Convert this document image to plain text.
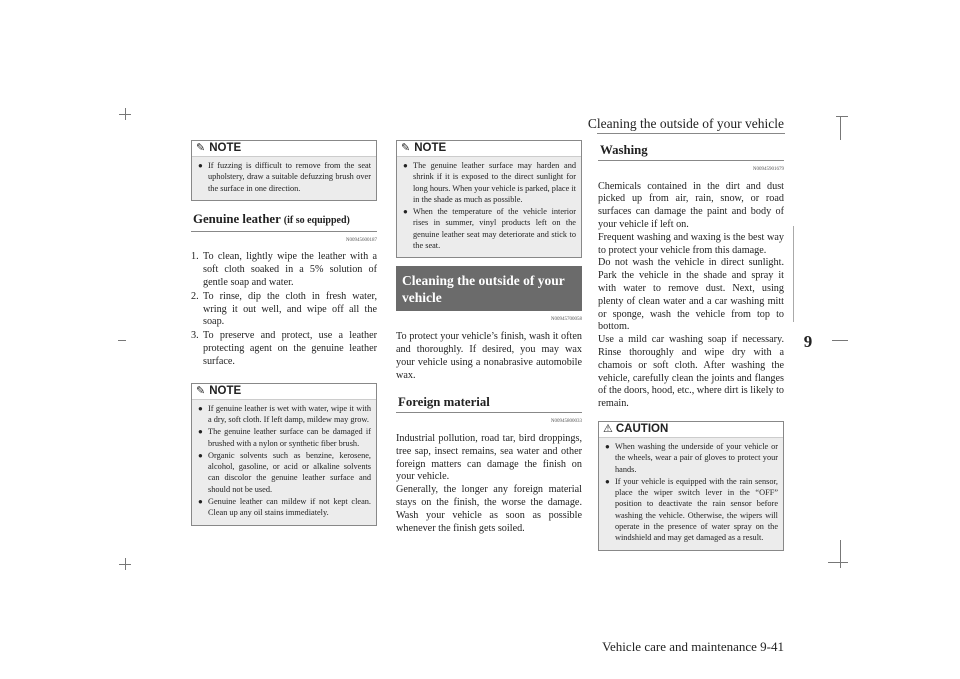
Cleaning the outside of your vehicle
9
Vehicle care and maintenance 9-41
✎ NOTE
● If fuzzing is difficult to remove from the seat upholstery, draw a suitable defuzzing brush over the surface in one direction.
Genuine leather (if so equipped)
N00945600187
1. To clean, lightly wipe the leather with a soft cloth soaked in a 5% solution of gentle soap and water.
2. To rinse, dip the cloth in fresh water, wring it out well, and wipe off all the soap.
3. To preserve and protect, use a leather protecting agent on the genuine leather surface.
✎ NOTE
● If genuine leather is wet with water, wipe it with a dry, soft cloth. If left damp, mildew may grow.
● The genuine leather surface can be damaged if brushed with a nylon or synthetic fiber brush.
● Organic solvents such as benzine, kerosene, alcohol, gasoline, or acid or alkaline solvents can discolor the genuine leather surface and should not be used.
● Genuine leather can mildew if not kept clean. Clean up any oil stains immediately.
✎ NOTE
● The genuine leather surface may harden and shrink if it is exposed to the direct sunlight for long hours. When your vehicle is parked, place it in the shade as much as possible.
● When the temperature of the vehicle interior rises in summer, vinyl products left on the genuine leather seat may deteriorate and stick to the seat.
Cleaning the outside of your vehicle
N00945700058
To protect your vehicle’s finish, wash it often and thoroughly. If desired, you may wax your vehicle using a nonabrasive automobile wax.
Foreign material
N00945800033
Industrial pollution, road tar, bird droppings, tree sap, insect remains, sea water and other foreign matters can damage the finish on your vehicle.
Generally, the longer any foreign material stays on the finish, the worse the damage. Wash your vehicle as soon as possible whenever the finish gets soiled.
Washing
N00945901679
Chemicals contained in the dirt and dust picked up from air, rain, snow, or road surfaces can damage the paint and body of your vehicle if left on.
Frequent washing and waxing is the best way to protect your vehicle from this damage.
Do not wash the vehicle in direct sunlight. Park the vehicle in the shade and spray it with water to remove dust. Next, using plenty of clean water and a car washing mitt or sponge, wash the vehicle from top to bottom.
Use a mild car washing soap if necessary. Rinse thoroughly and wipe dry with a chamois or soft cloth. After washing the vehicle, carefully clean the joints and flanges of the doors, hood, etc., where dirt is likely to remain.
⚠ CAUTION
● When washing the underside of your vehicle or the wheels, wear a pair of gloves to protect your hands.
● If your vehicle is equipped with the rain sensor, place the wiper switch lever in the “OFF” position to deactivate the rain sensor before washing the vehicle. Otherwise, the wipers will operate in the presence of water spray on the windshield and may get damaged as a result.
